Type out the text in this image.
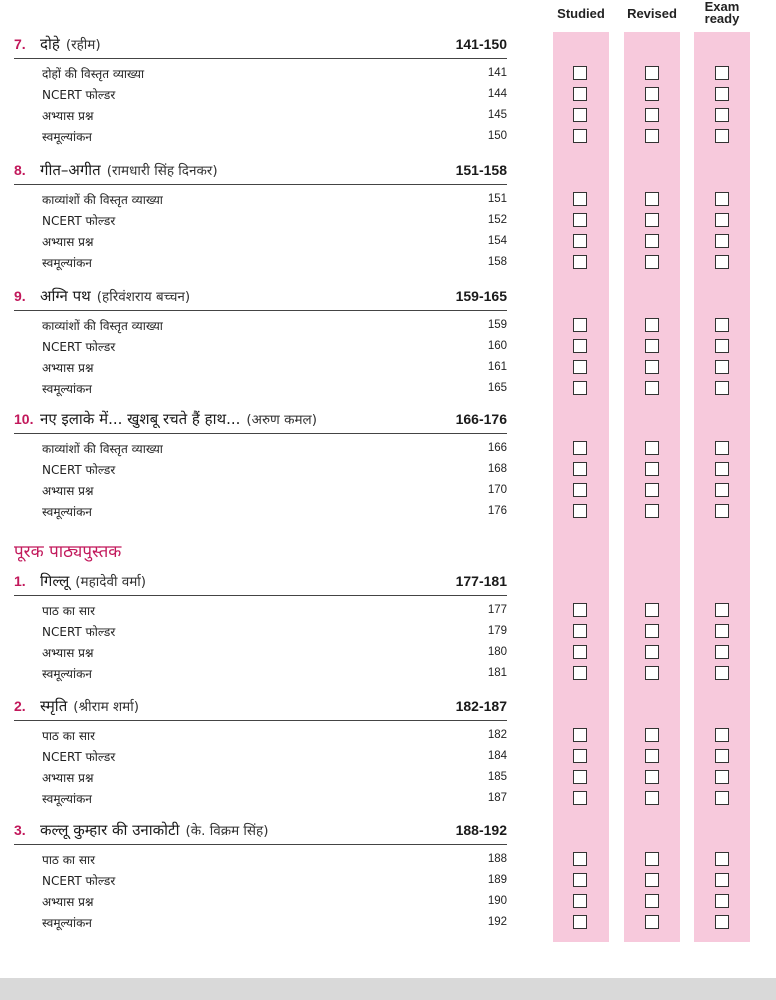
Studied	Revised	Exam
ready
पूरक पाठ्यपुस्तक
7. दोहे (रहीम)	141-150
दोहों की विस्तृत व्याख्या	141
NCERT फोल्डर	144
अभ्यास प्रश्न	145
स्वमूल्यांकन	150
8. गीत–अगीत (रामधारी सिंह दिनकर)	151-158
काव्यांशों की विस्तृत व्याख्या	151
NCERT फोल्डर	152
अभ्यास प्रश्न	154
स्वमूल्यांकन	158
9. अग्नि पथ (हरिवंशराय बच्चन)	159-165
काव्यांशों की विस्तृत व्याख्या	159
NCERT फोल्डर	160
अभ्यास प्रश्न	161
स्वमूल्यांकन	165
10. नए इलाके में... खुशबू रचते हैं हाथ... (अरुण कमल)	166-176
काव्यांशों की विस्तृत व्याख्या	166
NCERT फोल्डर	168
अभ्यास प्रश्न	170
स्वमूल्यांकन	176
1. गिल्लू (महादेवी वर्मा)	177-181
पाठ का सार	177
NCERT फोल्डर	179
अभ्यास प्रश्न	180
स्वमूल्यांकन	181
2. स्मृति (श्रीराम शर्मा)	182-187
पाठ का सार	182
NCERT फोल्डर	184
अभ्यास प्रश्न	185
स्वमूल्यांकन	187
3. कल्लू कुम्हार की उनाकोटी (के. विक्रम सिंह)	188-192
पाठ का सार	188
NCERT फोल्डर	189
अभ्यास प्रश्न	190
स्वमूल्यांकन	192
